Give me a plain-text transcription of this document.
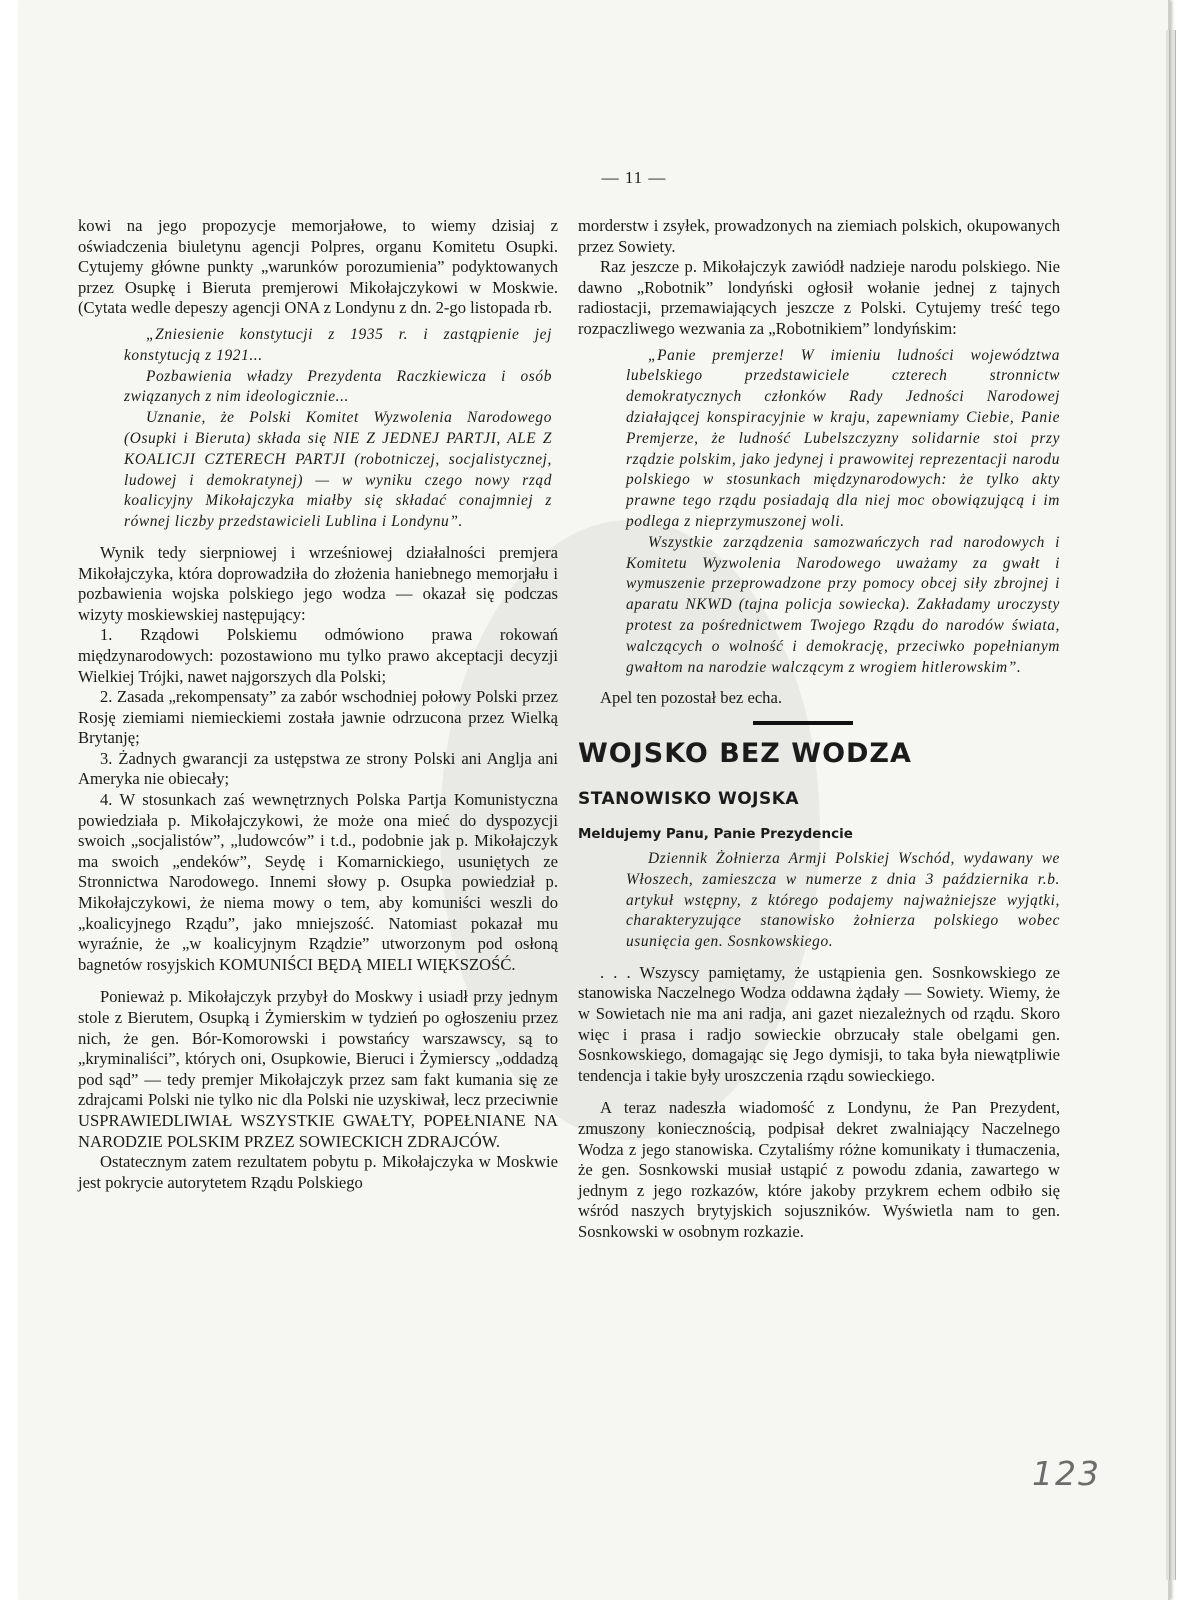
— 11 —

kowi na jego propozycje memorjałowe, to wiemy dzisiaj z oświadczenia biuletynu agencji Polpres, organu Komitetu Osupki. Cytujemy główne punkty „warunków porozumienia” podyktowanych przez Osupkę i Bieruta premjerowi Mikołajczykowi w Moskwie. (Cytata wedle depeszy agencji ONA z Londynu z dn. 2-go listopada rb.

„Zniesienie konstytucji z 1935 r. i zastąpienie jej konstytucją z 1921...

Pozbawienia władzy Prezydenta Raczkiewicza i osób związanych z nim ideologicznie...

Uznanie, że Polski Komitet Wyzwolenia Narodowego (Osupki i Bieruta) składa się NIE Z JEDNEJ PARTJI, ALE Z KOALICJI CZTERECH PARTJI (robotniczej, socjalistycznej, ludowej i demokratynej) — w wyniku czego nowy rząd koalicyjny Mikołajczyka miałby się składać conajmniej z równej liczby przedstawicieli Lublina i Londynu”.

Wynik tedy sierpniowej i wrześniowej działalności premjera Mikołajczyka, która doprowadziła do złożenia haniebnego memorjału i pozbawienia wojska polskiego jego wodza — okazał się podczas wizyty moskiewskiej następujący:

1. Rządowi Polskiemu odmówiono prawa rokowań międzynarodowych: pozostawiono mu tylko prawo akceptacji decyzji Wielkiej Trójki, nawet najgorszych dla Polski;

2. Zasada „rekompensaty” za zabór wschodniej połowy Polski przez Rosję ziemiami niemieckiemi została jawnie odrzucona przez Wielką Brytanję;

3. Żadnych gwarancji za ustępstwa ze strony Polski ani Anglja ani Ameryka nie obiecały;

4. W stosunkach zaś wewnętrznych Polska Partja Komunistyczna powiedziała p. Mikołajczykowi, że może ona mieć do dyspozycji swoich „socjalistów”, „ludowców” i t.d., podobnie jak p. Mikołajczyk ma swoich „endeków”, Seydę i Komarnickiego, usuniętych ze Stronnictwa Narodowego. Innemi słowy p. Osupka powiedział p. Mikołajczykowi, że niema mowy o tem, aby komuniści weszli do „koalicyjnego Rządu”, jako mniejszość. Natomiast pokazał mu wyraźnie, że „w koalicyjnym Rządzie” utworzonym pod osłoną bagnetów rosyjskich KOMUNIŚCI BĘDĄ MIELI WIĘKSZOŚĆ.

Ponieważ p. Mikołajczyk przybył do Moskwy i usiadł przy jednym stole z Bierutem, Osupką i Żymierskim w tydzień po ogłoszeniu przez nich, że gen. Bór-Komorowski i powstańcy warszawscy, są to „kryminaliści”, których oni, Osupkowie, Bieruci i Żymierscy „oddadzą pod sąd” — tedy premjer Mikołajczyk przez sam fakt kumania się ze zdrajcami Polski nie tylko nic dla Polski nie uzyskiwał, lecz przeciwnie USPRAWIEDLIWIAŁ WSZYSTKIE GWAŁTY, POPEŁNIANE NA NARODZIE POLSKIM PRZEZ SOWIECKICH ZDRAJCÓW.

Ostatecznym zatem rezultatem pobytu p. Mikołajczyka w Moskwie jest pokrycie autorytetem Rządu Polskiego

morderstw i zsyłek, prowadzonych na ziemiach polskich, okupowanych przez Sowiety.

Raz jeszcze p. Mikołajczyk zawiódł nadzieje narodu polskiego. Nie dawno „Robotnik” londyński ogłosił wołanie jednej z tajnych radiostacji, przemawiających jeszcze z Polski. Cytujemy treść tego rozpaczliwego wezwania za „Robotnikiem” londyńskim:

„Panie premjerze! W imieniu ludności województwa lubelskiego przedstawiciele czterech stronnictw demokratycznych członków Rady Jedności Narodowej działającej konspiracyjnie w kraju, zapewniamy Ciebie, Panie Premjerze, że ludność Lubelszczyzny solidarnie stoi przy rządzie polskim, jako jedynej i prawowitej reprezentacji narodu polskiego w stosunkach międzynarodowych: że tylko akty prawne tego rządu posiadają dla niej moc obowiązującą i im podlega z nieprzymuszonej woli.

Wszystkie zarządzenia samozwańczych rad narodowych i Komitetu Wyzwolenia Narodowego uważamy za gwałt i wymuszenie przeprowadzone przy pomocy obcej siły zbrojnej i aparatu NKWD (tajna policja sowiecka). Zakładamy uroczysty protest za pośrednictwem Twojego Rządu do narodów świata, walczących o wolność i demokrację, przeciwko popełnianym gwałtom na narodzie walczącym z wrogiem hitlerowskim”.

Apel ten pozostał bez echa.

WOJSKO BEZ WODZA
STANOWISKO WOJSKA
Meldujemy Panu, Panie Prezydencie

Dziennik Żołnierza Armji Polskiej Wschód, wydawany we Włoszech, zamieszcza w numerze z dnia 3 października r.b. artykuł wstępny, z którego podajemy najważniejsze wyjątki, charakteryzujące stanowisko żołnierza polskiego wobec usunięcia gen. Sosnkowskiego.

. . . Wszyscy pamiętamy, że ustąpienia gen. Sosnkowskiego ze stanowiska Naczelnego Wodza oddawna żądały — Sowiety. Wiemy, że w Sowietach nie ma ani radja, ani gazet niezależnych od rządu. Skoro więc i prasa i radjo sowieckie obrzucały stale obelgami gen. Sosnkowskiego, domagając się Jego dymisji, to taka była niewątpliwie tendencja i takie były uroszczenia rządu sowieckiego.

A teraz nadeszła wiadomość z Londynu, że Pan Prezydent, zmuszony koniecznością, podpisał dekret zwalniający Naczelnego Wodza z jego stanowiska. Czytaliśmy różne komunikaty i tłumaczenia, że gen. Sosnkowski musiał ustąpić z powodu zdania, zawartego w jednym z jego rozkazów, które jakoby przykrem echem odbiło się wśród naszych brytyjskich sojuszników. Wyświetla nam to gen. Sosnkowski w osobnym rozkazie.

123
